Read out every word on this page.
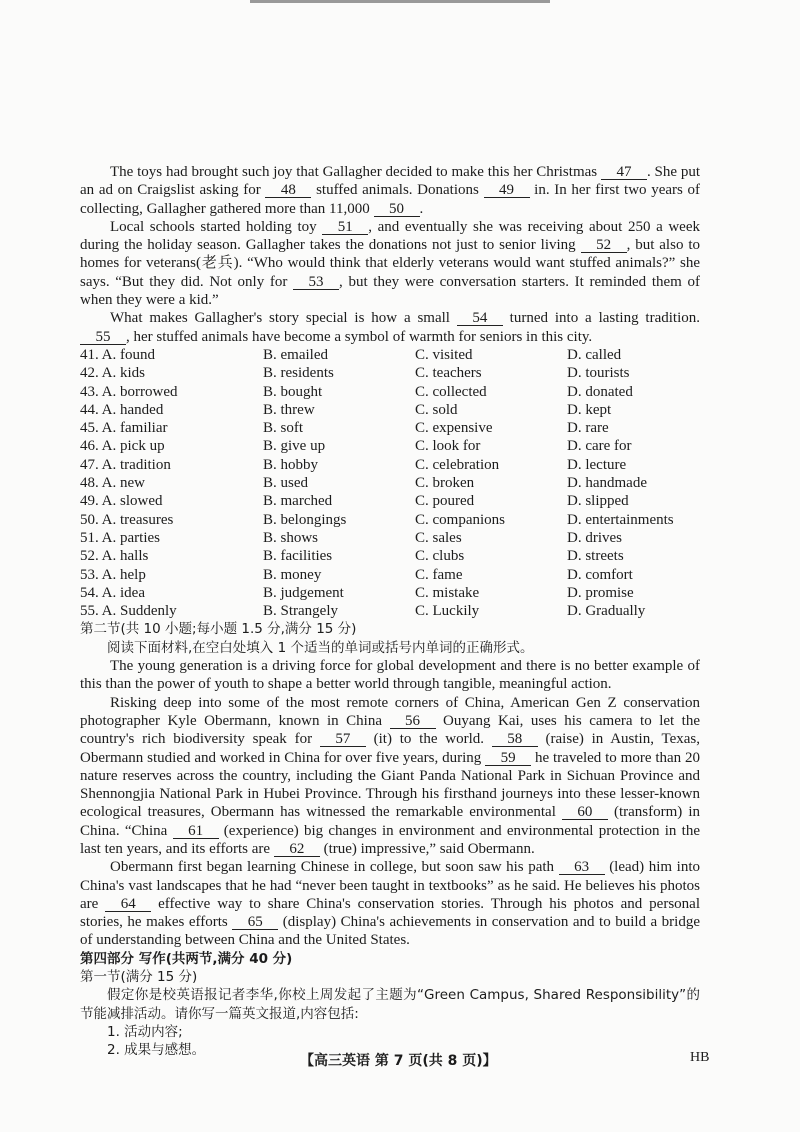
The toys had brought such joy that Gallagher decided to make this her Christmas 47 . She put an ad on Craigslist asking for 48 stuffed animals. Donations 49 in. In her first two years of collecting, Gallagher gathered more than 11,000 50 .

Local schools started holding toy 51 , and eventually she was receiving about 250 a week during the holiday season. Gallagher takes the donations not just to senior living 52 , but also to homes for veterans(老兵). “Who would think that elderly veterans would want stuffed animals?” she says. “But they did. Not only for 53 , but they were conversation starters. It reminded them of when they were a kid.”

What makes Gallagher's story special is how a small 54 turned into a lasting tradition. 55 , her stuffed animals have become a symbol of warmth for seniors in this city.

41. A. found	B. emailed	C. visited	D. called
42. A. kids	B. residents	C. teachers	D. tourists
43. A. borrowed	B. bought	C. collected	D. donated
44. A. handed	B. threw	C. sold	D. kept
45. A. familiar	B. soft	C. expensive	D. rare
46. A. pick up	B. give up	C. look for	D. care for
47. A. tradition	B. hobby	C. celebration	D. lecture
48. A. new	B. used	C. broken	D. handmade
49. A. slowed	B. marched	C. poured	D. slipped
50. A. treasures	B. belongings	C. companions	D. entertainments
51. A. parties	B. shows	C. sales	D. drives
52. A. halls	B. facilities	C. clubs	D. streets
53. A. help	B. money	C. fame	D. comfort
54. A. idea	B. judgement	C. mistake	D. promise
55. A. Suddenly	B. Strangely	C. Luckily	D. Gradually

第二节(共 10 小题;每小题 1.5 分,满分 15 分)

阅读下面材料,在空白处填入 1 个适当的单词或括号内单词的正确形式。

The young generation is a driving force for global development and there is no better example of this than the power of youth to shape a better world through tangible, meaningful action.

Risking deep into some of the most remote corners of China, American Gen Z conservation photographer Kyle Obermann, known in China 56 Ouyang Kai, uses his camera to let the country's rich biodiversity speak for 57 (it) to the world. 58 (raise) in Austin, Texas, Obermann studied and worked in China for over five years, during 59 he traveled to more than 20 nature reserves across the country, including the Giant Panda National Park in Sichuan Province and Shennongjia National Park in Hubei Province. Through his firsthand journeys into these lesser-known ecological treasures, Obermann has witnessed the remarkable environmental 60 (transform) in China. “China 61 (experience) big changes in environment and environmental protection in the last ten years, and its efforts are 62 (true) impressive,” said Obermann.

Obermann first began learning Chinese in college, but soon saw his path 63 (lead) him into China's vast landscapes that he had “never been taught in textbooks” as he said. He believes his photos are 64 effective way to share China's conservation stories. Through his photos and personal stories, he makes efforts 65 (display) China's achievements in conservation and to build a bridge of understanding between China and the United States.

第四部分 写作(共两节,满分 40 分)

第一节(满分 15 分)

假定你是校英语报记者李华,你校上周发起了主题为“Green Campus, Shared Responsibility”的节能减排活动。请你写一篇英文报道,内容包括:

1. 活动内容;

2. 成果与感想。

【高三英语 第 7 页(共 8 页)】	HB
